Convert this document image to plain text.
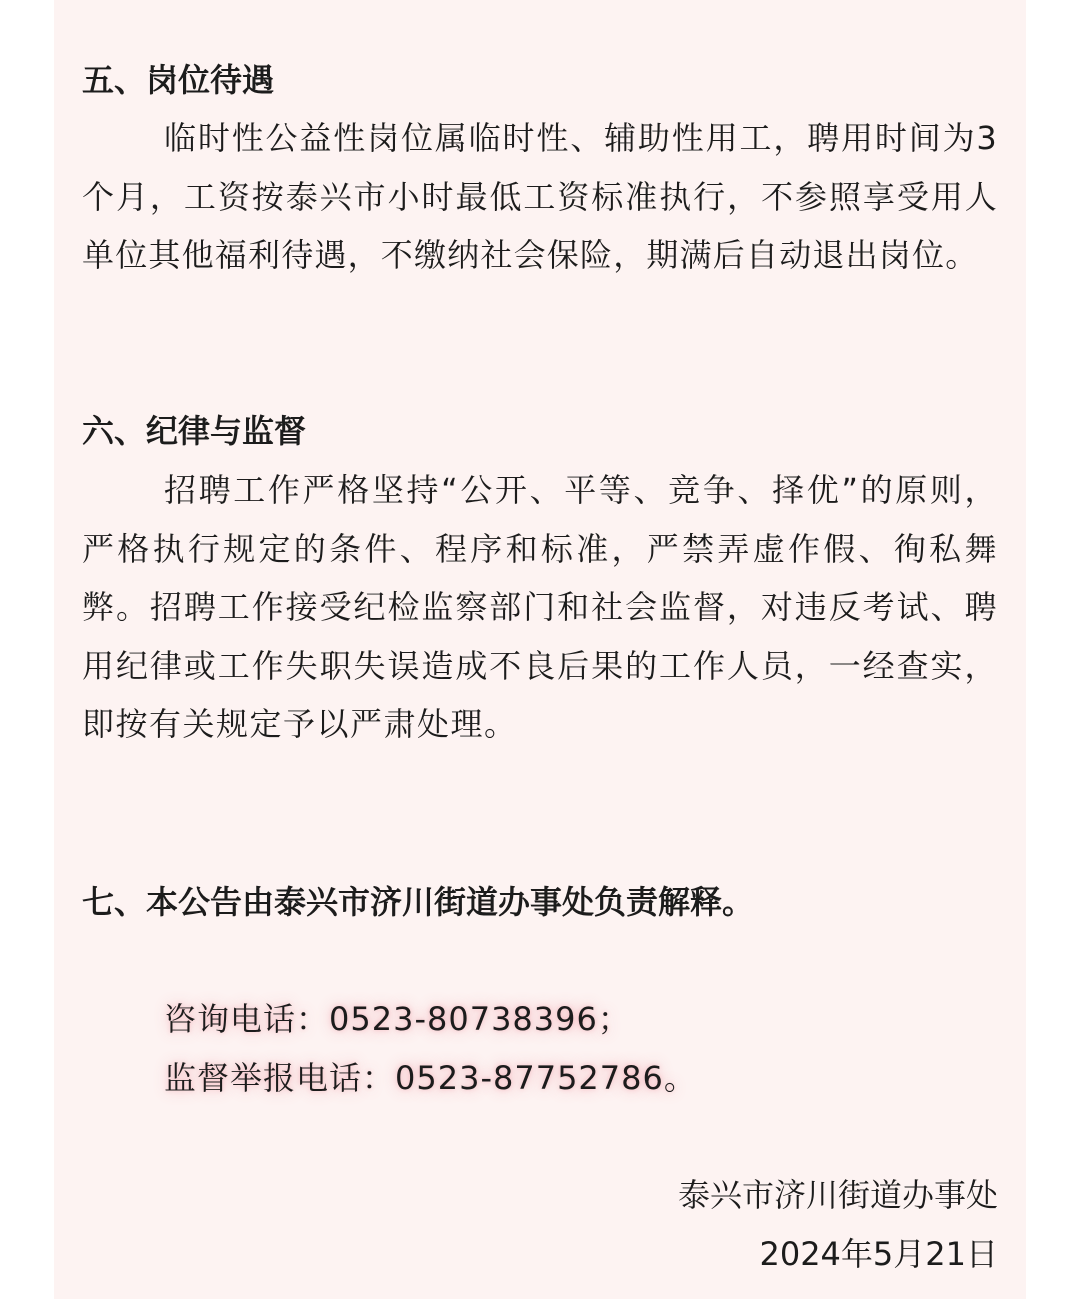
五、岗位待遇
临时性公益性岗位属临时性、辅助性用工，聘用时间为3个月，工资按泰兴市小时最低工资标准执行，不参照享受用人单位其他福利待遇，不缴纳社会保险，期满后自动退出岗位。
六、纪律与监督
招聘工作严格坚持“公开、平等、竞争、择优”的原则，严格执行规定的条件、程序和标准，严禁弄虚作假、徇私舞弊。招聘工作接受纪检监察部门和社会监督，对违反考试、聘用纪律或工作失职失误造成不良后果的工作人员，一经查实，即按有关规定予以严肃处理。
七、本公告由泰兴市济川街道办事处负责解释。
咨询电话：0523-80738396；
监督举报电话：0523-87752786。
泰兴市济川街道办事处
2024年5月21日
